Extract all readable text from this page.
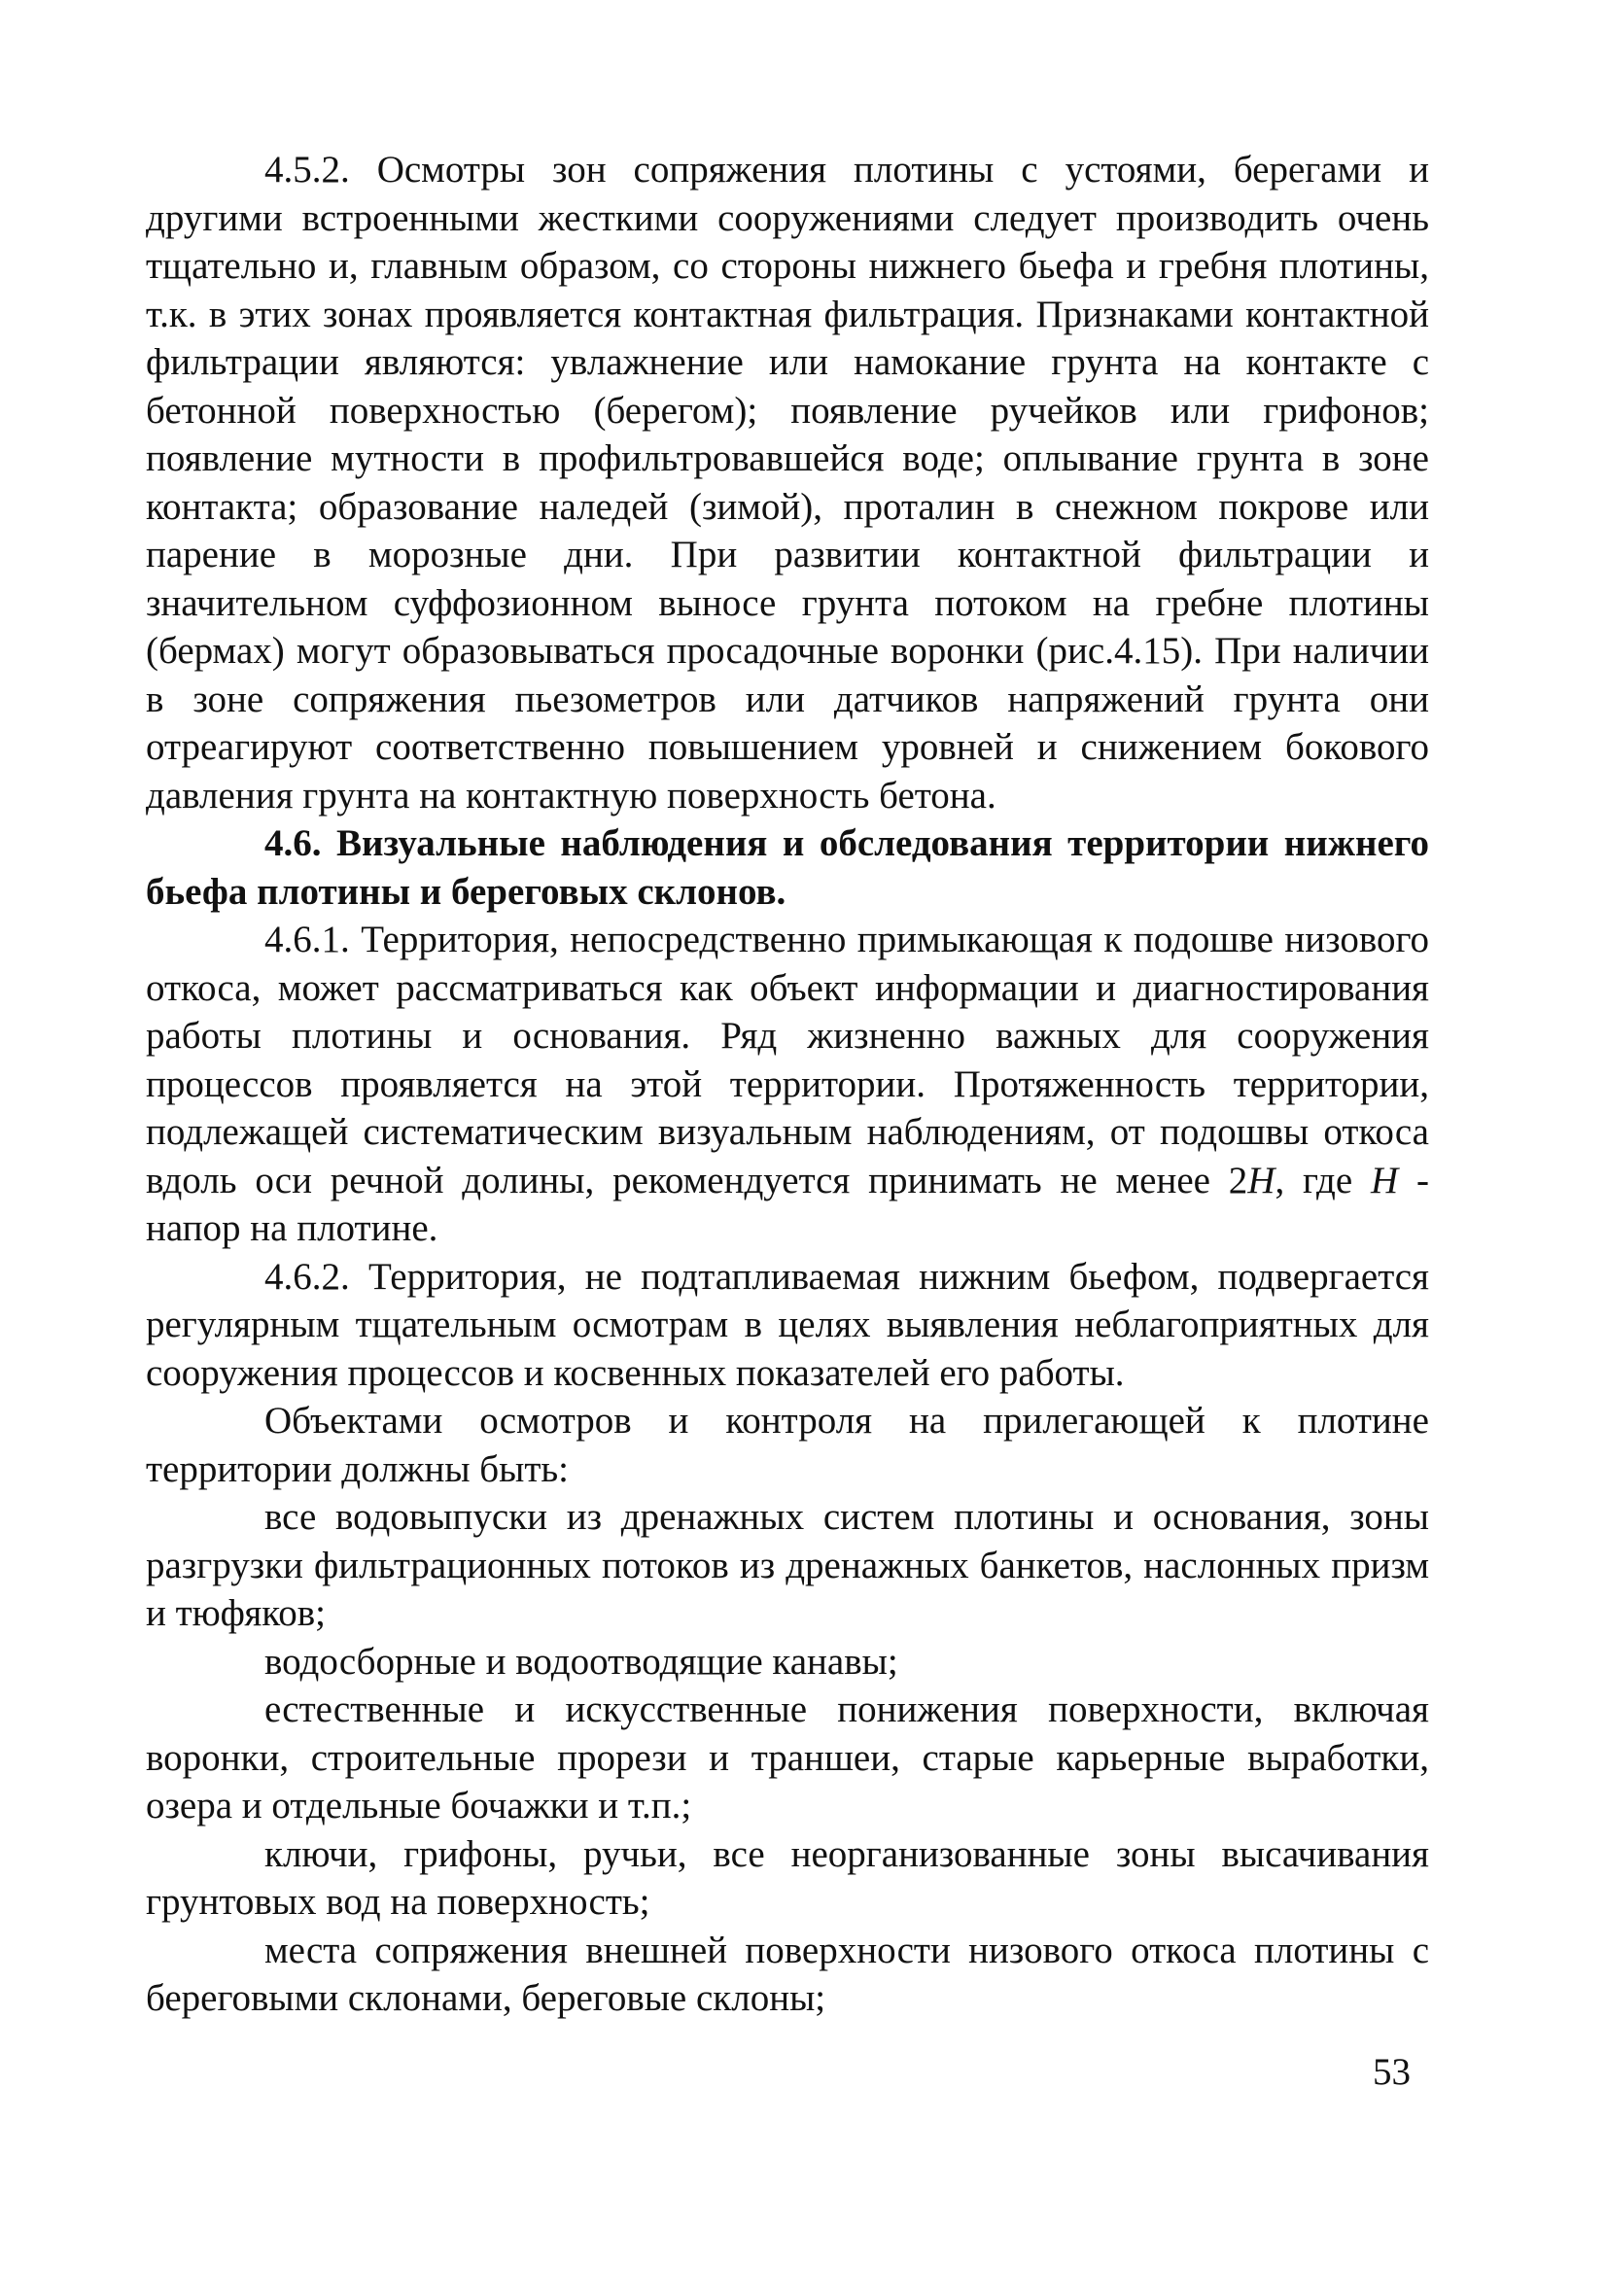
4.5.2. Осмотры зон сопряжения плотины с устоями, берегами и другими встроенными жесткими сооружениями следует производить очень тщательно и, главным образом, со стороны нижнего бьефа и гребня плотины, т.к. в этих зонах проявляется контактная фильтрация. Признаками контактной фильтрации являются: увлажнение или намокание грунта на контакте с бетонной поверхностью (берегом); появление ручейков или грифонов; появление мутности в профильтровавшейся воде; оплывание грунта в зоне контакта; образование наледей (зимой), проталин в снежном покрове или парение в морозные дни. При развитии контактной фильтрации и значительном суффозионном выносе грунта потоком на гребне плотины (бермах) могут образовываться просадочные воронки (рис.4.15). При наличии в зоне сопряжения пьезометров или датчиков напряжений грунта они отреагируют соответственно повышением уровней и снижением бокового давления грунта на контактную поверхность бетона.

4.6. Визуальные наблюдения и обследования территории нижнего бьефа плотины и береговых склонов.

4.6.1. Территория, непосредственно примыкающая к подошве низового откоса, может рассматриваться как объект информации и диагностирования работы плотины и основания. Ряд жизненно важных для сооружения процессов проявляется на этой территории. Протяженность территории, подлежащей систематическим визуальным наблюдениям, от подошвы откоса вдоль оси речной долины, рекомендуется принимать не менее 2H, где H - напор на плотине.

4.6.2. Территория, не подтапливаемая нижним бьефом, подвергается регулярным тщательным осмотрам в целях выявления неблагоприятных для сооружения процессов и косвенных показателей его работы.

Объектами осмотров и контроля на прилегающей к плотине территории должны быть:

все водовыпуски из дренажных систем плотины и основания, зоны разгрузки фильтрационных потоков из дренажных банкетов, наслонных призм и тюфяков;

водосборные и водоотводящие канавы;

естественные и искусственные понижения поверхности, включая воронки, строительные прорези и траншеи, старые карьерные выработки, озера и отдельные бочажки и т.п.;

ключи, грифоны, ручьи, все неорганизованные зоны высачивания грунтовых вод на поверхность;

места сопряжения внешней поверхности низового откоса плотины с береговыми склонами, береговые склоны;

53
